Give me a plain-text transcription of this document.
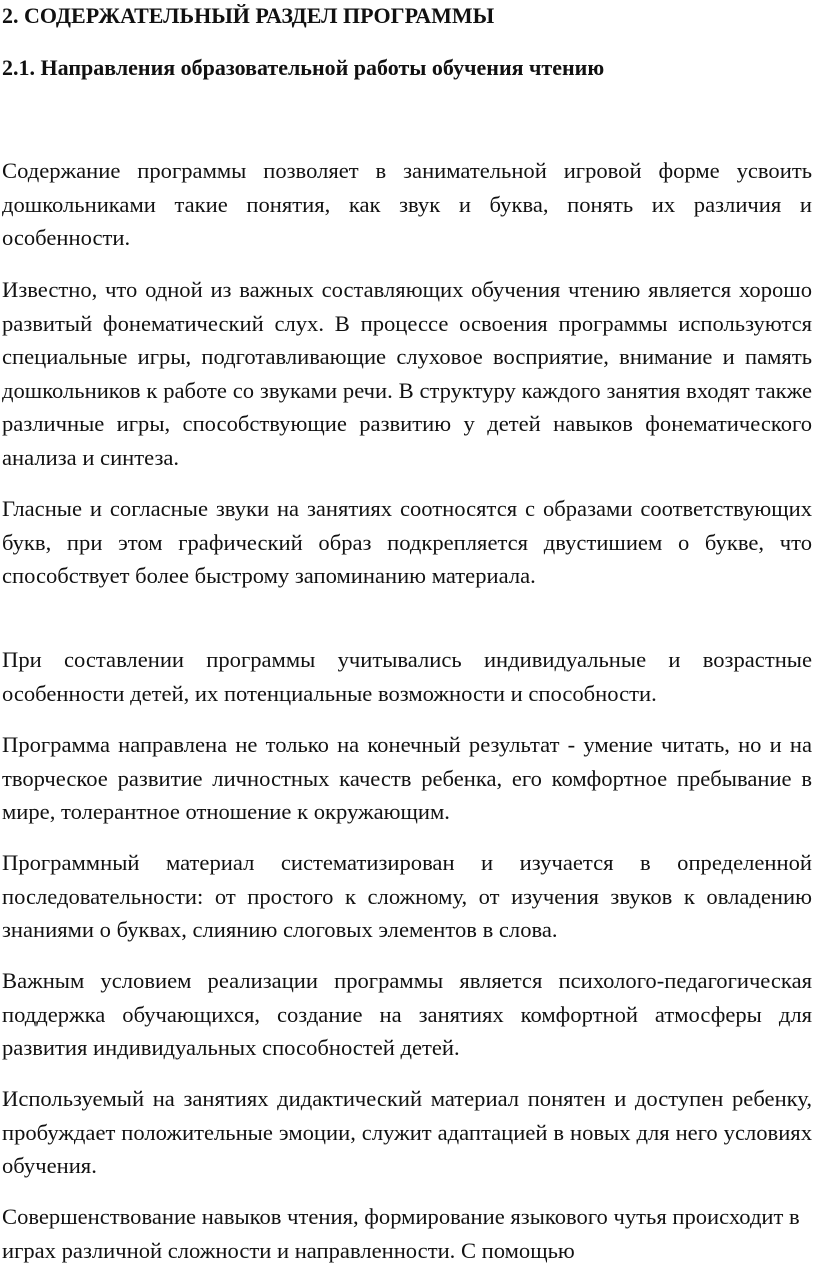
2. СОДЕРЖАТЕЛЬНЫЙ РАЗДЕЛ ПРОГРАММЫ
2.1. Направления образовательной работы обучения чтению

Содержание программы позволяет в занимательной игровой форме усвоить дошкольниками такие понятия, как звук и буква, понять их различия и особенности.

Известно, что одной из важных составляющих обучения чтению является хорошо развитый фонематический слух. В процессе освоения программы используются специальные игры, подготавливающие слуховое восприятие, внимание и память дошкольников к работе со звуками речи. В структуру каждого занятия входят также различные игры, способствующие развитию у детей навыков фонематического анализа и синтеза.

Гласные и согласные звуки на занятиях соотносятся с образами соответствующих букв, при этом графический образ подкрепляется двустишием о букве, что способствует более быстрому запоминанию материала.

При составлении программы учитывались индивидуальные и возрастные особенности детей, их потенциальные возможности и способности.

Программа направлена не только на конечный результат - умение читать, но и на творческое развитие личностных качеств ребенка, его комфортное пребывание в мире, толерантное отношение к окружающим.

Программный материал систематизирован и изучается в определенной последовательности: от простого к сложному, от изучения звуков к овладению знаниями о буквах, слиянию слоговых элементов в слова.

Важным условием реализации программы является психолого-педагогическая поддержка обучающихся, создание на занятиях комфортной атмосферы для развития индивидуальных способностей детей.

Используемый на занятиях дидактический материал понятен и доступен ребенку, пробуждает положительные эмоции, служит адаптацией в новых для него условиях обучения.

Совершенствование навыков чтения, формирование языкового чутья происходит в играх различной сложности и направленности. С помощью
